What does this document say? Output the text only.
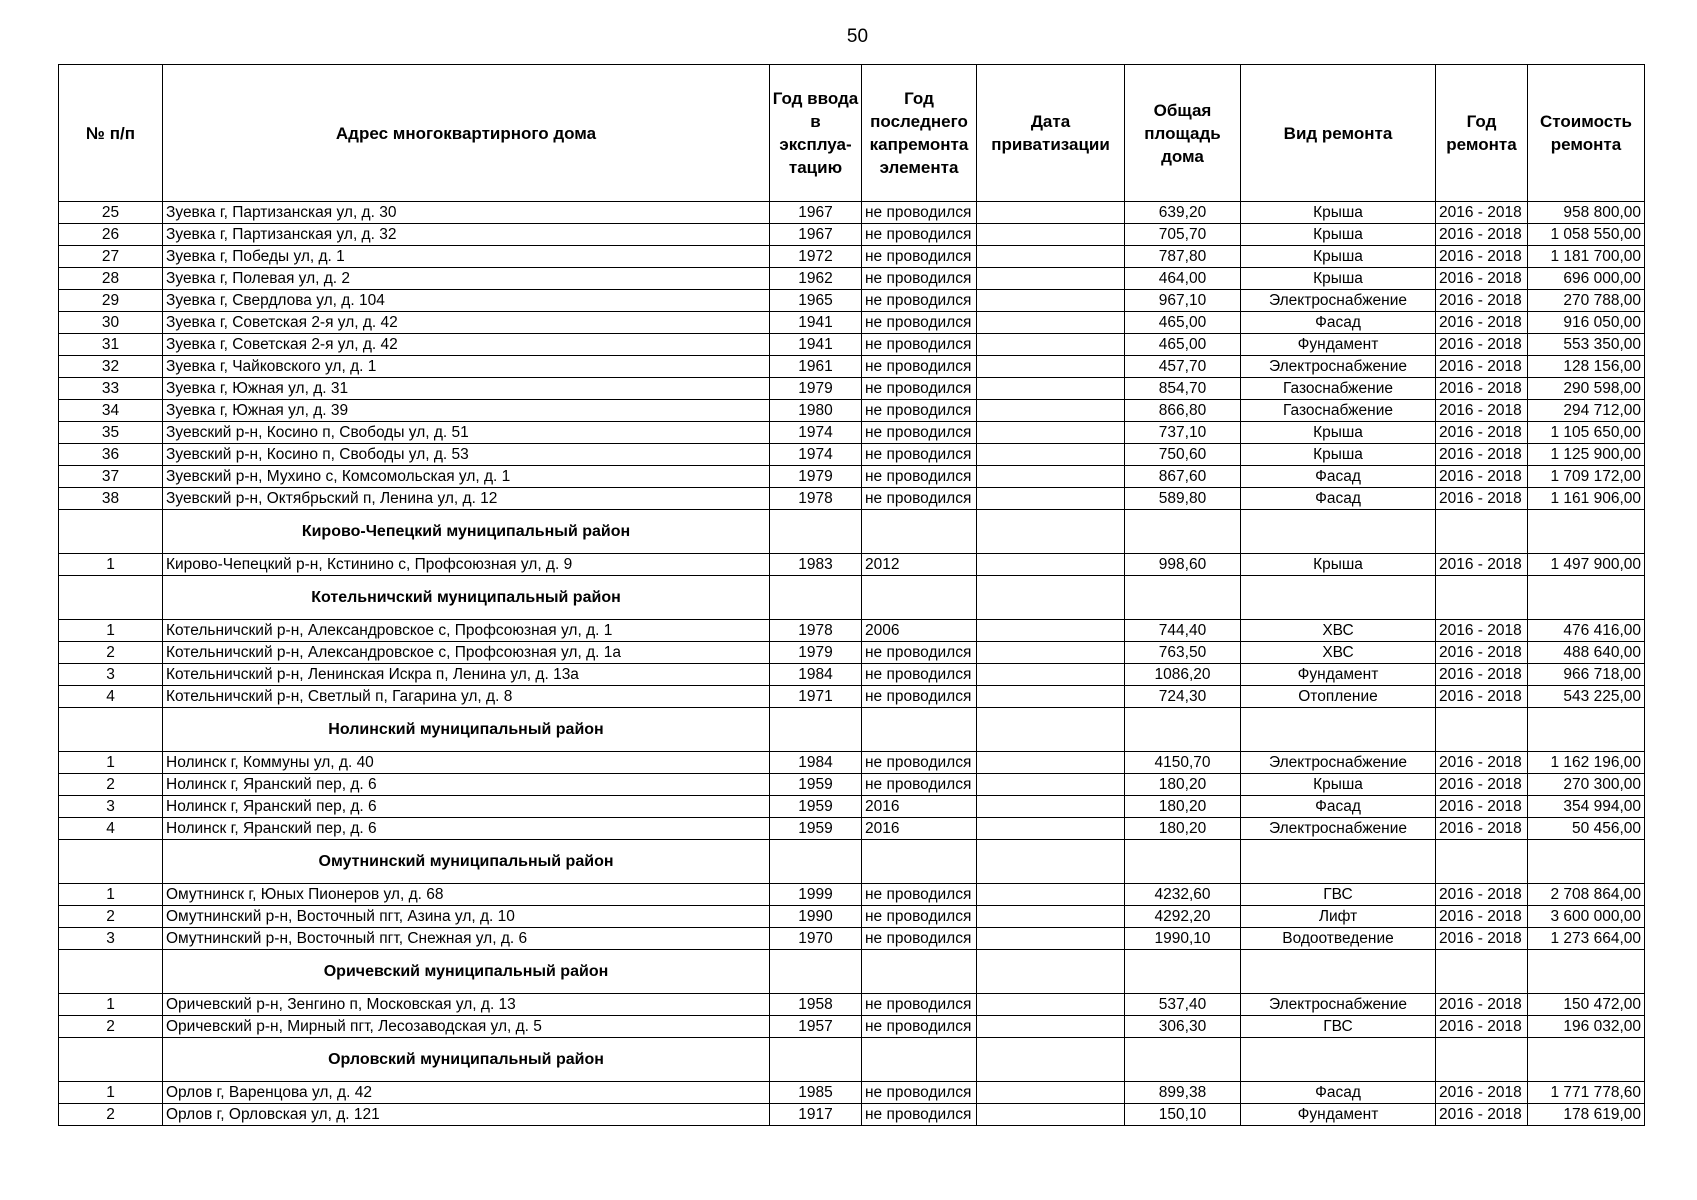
50
№ п/п	Адрес многоквартирного дома	Год ввода в эксплуа-тацию	Год последнего капремонта элемента	Дата приватизации	Общая площадь дома	Вид ремонта	Год ремонта	Стоимость ремонта
25	Зуевка г, Партизанская ул, д. 30	1967	не проводился		639,20	Крыша	2016 - 2018	958 800,00
26	Зуевка г, Партизанская ул, д. 32	1967	не проводился		705,70	Крыша	2016 - 2018	1 058 550,00
27	Зуевка г, Победы ул, д. 1	1972	не проводился		787,80	Крыша	2016 - 2018	1 181 700,00
28	Зуевка г, Полевая ул, д. 2	1962	не проводился		464,00	Крыша	2016 - 2018	696 000,00
29	Зуевка г, Свердлова ул, д. 104	1965	не проводился		967,10	Электроснабжение	2016 - 2018	270 788,00
30	Зуевка г, Советская 2-я ул, д. 42	1941	не проводился		465,00	Фасад	2016 - 2018	916 050,00
31	Зуевка г, Советская 2-я ул, д. 42	1941	не проводился		465,00	Фундамент	2016 - 2018	553 350,00
32	Зуевка г, Чайковского ул, д. 1	1961	не проводился		457,70	Электроснабжение	2016 - 2018	128 156,00
33	Зуевка г, Южная ул, д. 31	1979	не проводился		854,70	Газоснабжение	2016 - 2018	290 598,00
34	Зуевка г, Южная ул, д. 39	1980	не проводился		866,80	Газоснабжение	2016 - 2018	294 712,00
35	Зуевский р-н, Косино п, Свободы ул, д. 51	1974	не проводился		737,10	Крыша	2016 - 2018	1 105 650,00
36	Зуевский р-н, Косино п, Свободы ул, д. 53	1974	не проводился		750,60	Крыша	2016 - 2018	1 125 900,00
37	Зуевский р-н, Мухино с, Комсомольская ул, д. 1	1979	не проводился		867,60	Фасад	2016 - 2018	1 709 172,00
38	Зуевский р-н, Октябрьский п, Ленина ул, д. 12	1978	не проводился		589,80	Фасад	2016 - 2018	1 161 906,00
	Кирово-Чепецкий муниципальный район							
1	Кирово-Чепецкий р-н, Кстинино с, Профсоюзная ул, д. 9	1983	2012		998,60	Крыша	2016 - 2018	1 497 900,00
	Котельничский муниципальный район							
1	Котельничский р-н, Александровское с, Профсоюзная ул, д. 1	1978	2006		744,40	ХВС	2016 - 2018	476 416,00
2	Котельничский р-н, Александровское с, Профсоюзная ул, д. 1а	1979	не проводился		763,50	ХВС	2016 - 2018	488 640,00
3	Котельничский р-н, Ленинская Искра п, Ленина ул, д. 13а	1984	не проводился		1086,20	Фундамент	2016 - 2018	966 718,00
4	Котельничский р-н, Светлый п, Гагарина ул, д. 8	1971	не проводился		724,30	Отопление	2016 - 2018	543 225,00
	Нолинский муниципальный район							
1	Нолинск г, Коммуны ул, д. 40	1984	не проводился		4150,70	Электроснабжение	2016 - 2018	1 162 196,00
2	Нолинск г, Яранский пер, д. 6	1959	не проводился		180,20	Крыша	2016 - 2018	270 300,00
3	Нолинск г, Яранский пер, д. 6	1959	2016		180,20	Фасад	2016 - 2018	354 994,00
4	Нолинск г, Яранский пер, д. 6	1959	2016		180,20	Электроснабжение	2016 - 2018	50 456,00
	Омутнинский муниципальный район							
1	Омутнинск г, Юных Пионеров ул, д. 68	1999	не проводился		4232,60	ГВС	2016 - 2018	2 708 864,00
2	Омутнинский р-н, Восточный пгт, Азина ул, д. 10	1990	не проводился		4292,20	Лифт	2016 - 2018	3 600 000,00
3	Омутнинский р-н, Восточный пгт, Снежная ул, д. 6	1970	не проводился		1990,10	Водоотведение	2016 - 2018	1 273 664,00
	Оричевский муниципальный район							
1	Оричевский р-н, Зенгино п, Московская ул, д. 13	1958	не проводился		537,40	Электроснабжение	2016 - 2018	150 472,00
2	Оричевский р-н, Мирный пгт, Лесозаводская ул, д. 5	1957	не проводился		306,30	ГВС	2016 - 2018	196 032,00
	Орловский муниципальный район							
1	Орлов г, Варенцова ул, д. 42	1985	не проводился		899,38	Фасад	2016 - 2018	1 771 778,60
2	Орлов г, Орловская ул, д. 121	1917	не проводился		150,10	Фундамент	2016 - 2018	178 619,00
